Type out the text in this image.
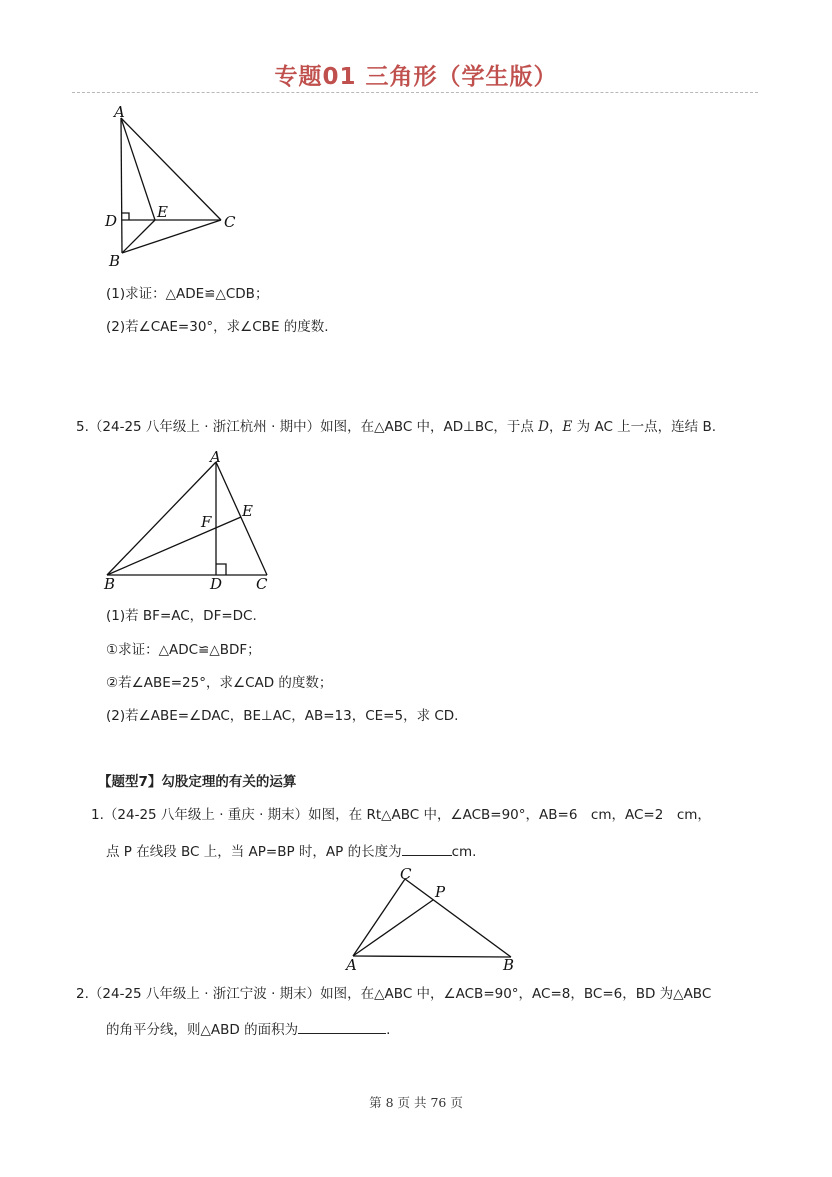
专题01 三角形（学生版）
A
D	E
C
B
(1)求证：△ADE≌△CDB；
(2)若∠CAE=30°，求∠CBE 的度数.
5.（24-25 八年级上 · 浙江杭州 · 期中）如图，在△ABC 中，AD⊥BC，于点 D，E 为 AC 上一点，连结 B.
A
E
F
B	D C
(1)若 BF=AC，DF=DC.
①求证：△ADC≌△BDF；
②若∠ABE=25°，求∠CAD 的度数；
(2)若∠ABE=∠DAC，BE⊥AC，AB=13，CE=5，求 CD.
【题型7】勾股定理的有关的运算
1.（24-25 八年级上 · 重庆 · 期末）如图，在 Rt△ABC 中，∠ACB=90°，AB=6　cm，AC=2　cm，
点 P 在线段 BC 上，当 AP=BP 时，AP 的长度为	cm.
C
P
A	B
2.（24-25 八年级上 · 浙江宁波 · 期末）如图，在△ABC 中，∠ACB=90°，AC=8，BC=6，BD 为△ABC
的角平分线，则△ABD 的面积为	.
第 8 页 共 76 页
